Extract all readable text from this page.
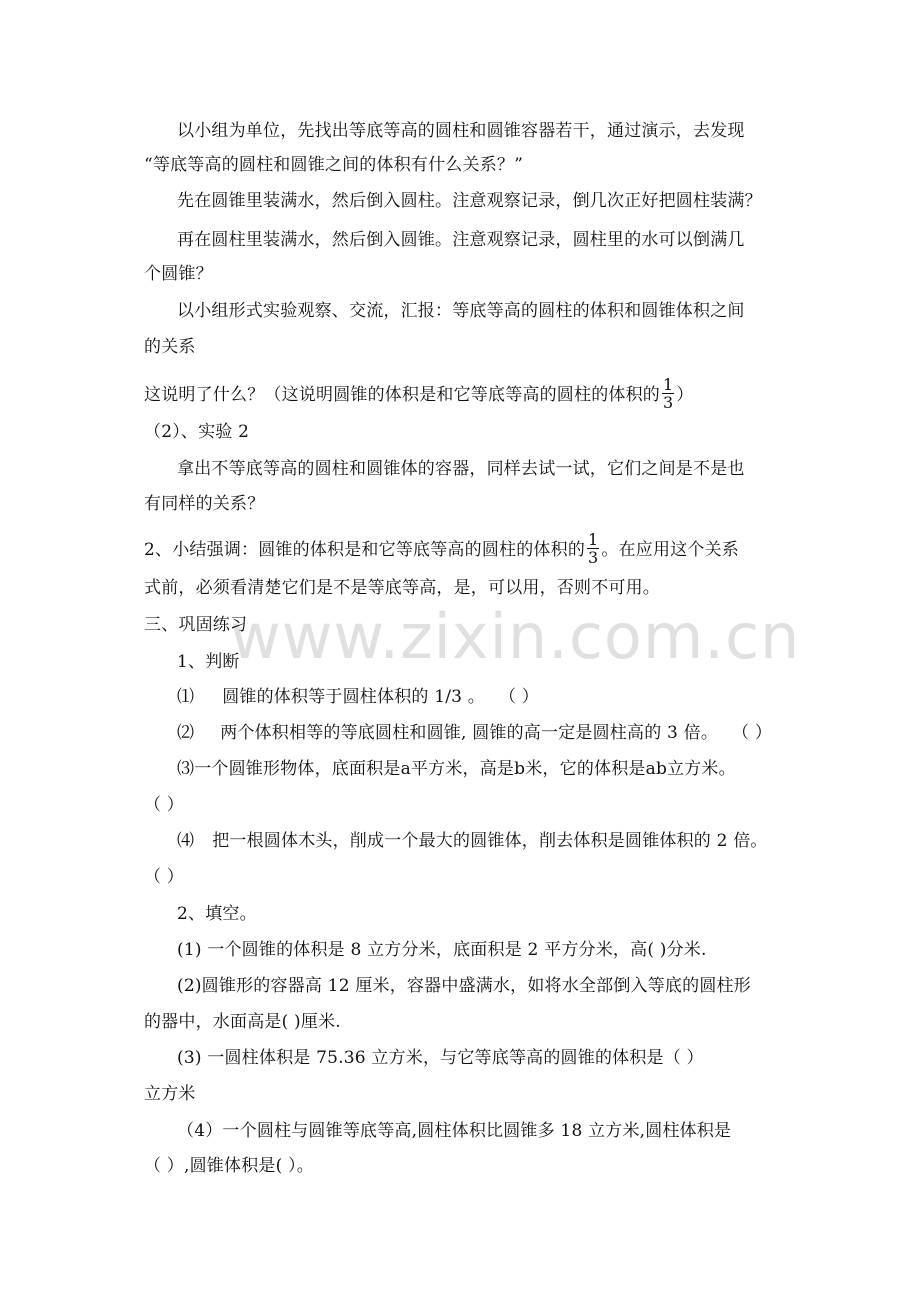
www.zixin.com.cn
以小组为单位，先找出等底等高的圆柱和圆锥容器若干，通过演示，去发现
“等底等高的圆柱和圆锥之间的体积有什么关系？”
先在圆锥里装满水，然后倒入圆柱。注意观察记录，倒几次正好把圆柱装满？
再在圆柱里装满水，然后倒入圆锥。注意观察记录，圆柱里的水可以倒满几
个圆锥？
以小组形式实验观察、交流，汇报：等底等高的圆柱的体积和圆锥体积之间
的关系
这说明了什么？（这说明圆锥的体积是和它等底等高的圆柱的体积的 $\frac{1}{3}$ ）
（2）、实验 2
拿出不等底等高的圆柱和圆锥体的容器，同样去试一试，它们之间是不是也
有同样的关系？
2、小结强调：圆锥的体积是和它等底等高的圆柱的体积的 $\frac{1}{3}$ 。在应用这个关系
式前，必须看清楚它们是不是等底等高，是，可以用，否则不可用。
三、巩固练习
1、判断
⑴ 圆锥的体积等于圆柱体积的 1/3 。 （ ）
⑵ 两个体积相等的等底圆柱和圆锥, 圆锥的高一定是圆柱高的 3 倍。 （ ）
⑶一个圆锥形物体，底面积是a平方米，高是b米，它的体积是ab立方米。
（ ）
⑷ 把一根圆体木头，削成一个最大的圆锥体，削去体积是圆锥体积的 2 倍。
（ ）
2、填空。
(1) 一个圆锥的体积是 8 立方分米，底面积是 2 平方分米，高( )分米.
(2)圆锥形的容器高 12 厘米，容器中盛满水，如将水全部倒入等底的圆柱形
的器中，水面高是( )厘米.
(3) 一圆柱体积是 75.36 立方米，与它等底等高的圆锥的体积是（ ）
立方米
（4）一个圆柱与圆锥等底等高,圆柱体积比圆锥多 18 立方米,圆柱体积是
（ ）,圆锥体积是( ）。
